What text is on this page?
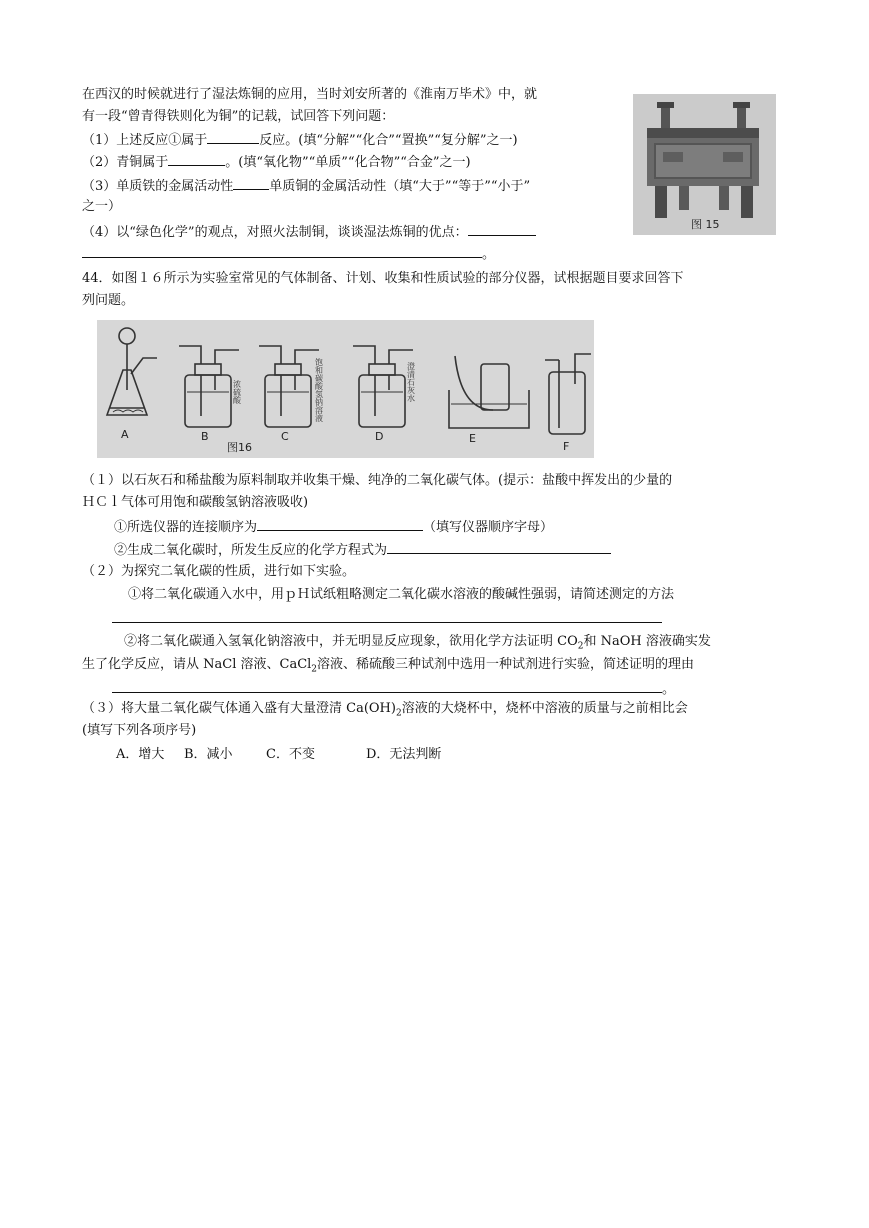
在西汉的时候就进行了湿法炼铜的应用，当时刘安所著的《淮南万毕术》中，就
有一段“曾青得铁则化为铜”的记载，试回答下列问题：
（1）上述反应①属于	反应。(填“分解”“化合”“置换”“复分解”之一)
（2）青铜属于	。(填“氧化物”“单质”“化合物”“合金”之一)
（3）单质铁的金属活动性	单质铜的金属活动性（填“大于”“等于”“小于”
之一）
（4）以“绿色化学”的观点，对照火法制铜，谈谈湿法炼铜的优点：
。
图 15
44．如图１６所示为实验室常见的气体制备、计划、收集和性质试验的部分仪器，试根据题目要求回答下
列问题。
A	B	C	D	E
F
图16
浓硫酸	饱和碳酸氢钠溶液	澄清石灰水
（１）以石灰石和稀盐酸为原料制取并收集干燥、纯净的二氧化碳气体。(提示：盐酸中挥发出的少量的
ＨＣｌ气体可用饱和碳酸氢钠溶液吸收)
①所选仪器的连接顺序为	（填写仪器顺序字母）
②生成二氧化碳时，所发生反应的化学方程式为
（２）为探究二氧化碳的性质，进行如下实验。
①将二氧化碳通入水中，用ｐＨ试纸粗略测定二氧化碳水溶液的酸碱性强弱，请简述测定的方法
②将二氧化碳通入氢氧化钠溶液中，并无明显反应现象，欲用化学方法证明 $CO_2$和 NaOH 溶液确实发
生了化学反应，请从 NaCl 溶液、CaCl$_2$溶液、稀硫酸三种试剂中选用一种试剂进行实验，简述证明的理由
。
（３）将大量二氧化碳气体通入盛有大量澄清 $Ca(OH)_2$溶液的大烧杯中，烧杯中溶液的质量与之前相比会
(填写下列各项序号)
A．增大 B．减小	C．不变	D．无法判断
